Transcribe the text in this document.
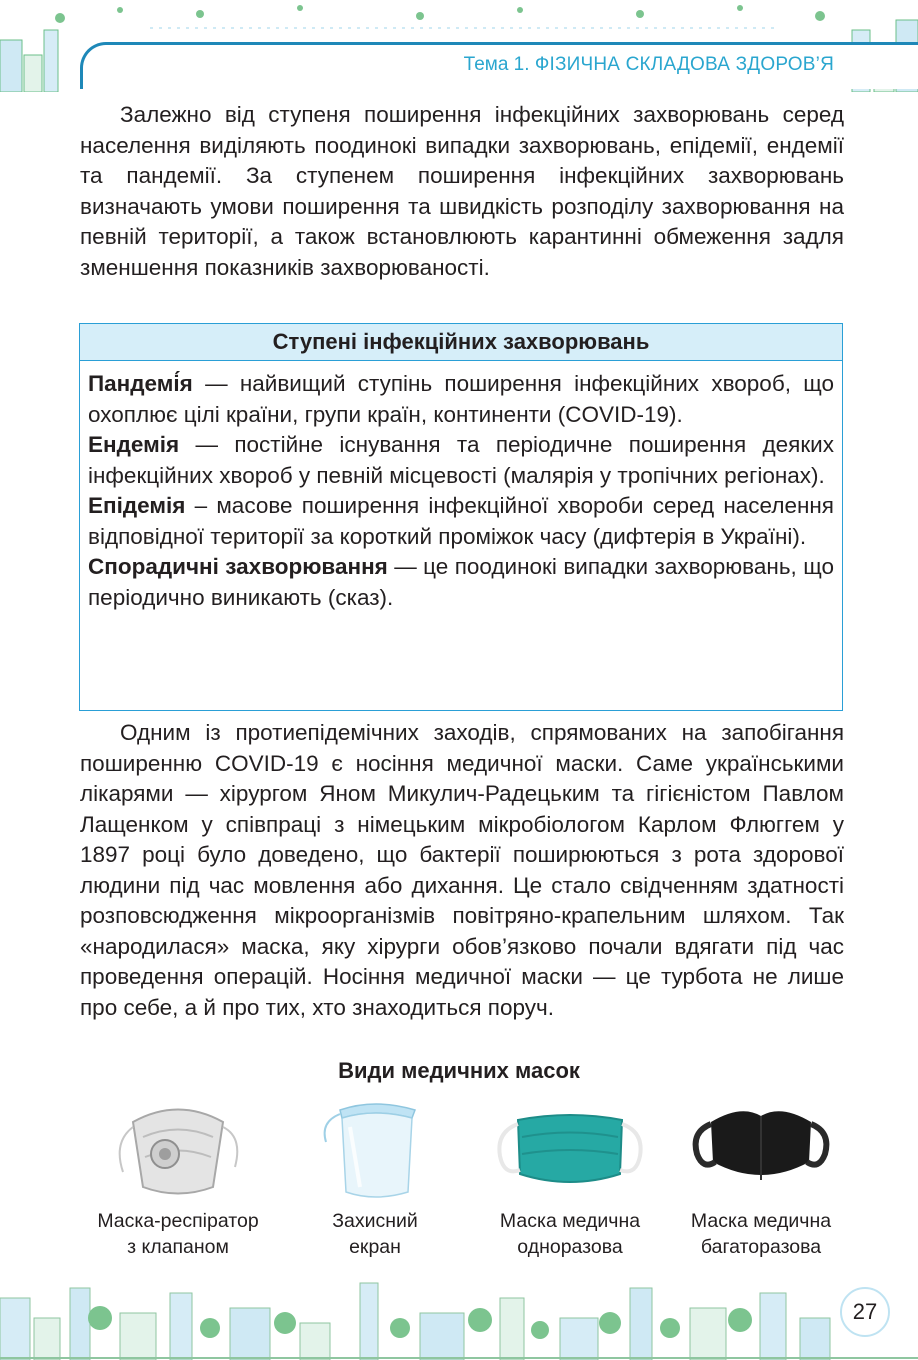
Тема 1. ФІЗИЧНА СКЛАДОВА ЗДОРОВ’Я

Залежно від ступеня поширення інфекційних захворювань серед населення виділяють поодинокі випадки захворювань, епідемії, ендемії та пандемії. За ступенем поширення інфекційних захворювань визначають умови поширення та швидкість розподілу захворювання на певній території, а також встановлюють карантинні обмеження задля зменшення показників захворюваності.

Ступені інфекційних захворювань

Пандемі́я — найвищий ступінь поширення інфекційних хвороб, що охоплює цілі країни, групи країн, континенти (COVID-19).

Ендемія — постійне існування та періодичне поширення деяких інфекційних хвороб у певній місцевості (малярія у тропічних регіонах).

Епідемія – масове поширення інфекційної хвороби серед населення відповідної території за короткий проміжок часу (дифтерія в Україні).

Спорадичні захворювання — це поодинокі випадки захворювань, що періодично виникають (сказ).

Одним із протиепідемічних заходів, спрямованих на запобігання поширенню COVID-19 є носіння медичної маски. Саме українськими лікарями — хірургом Яном Микулич-Радецьким та гігієністом Павлом Лащенком у співпраці з німецьким мікробіологом Карлом Флюггем у 1897 році було доведено, що бактерії поширюються з рота здорової людини під час мовлення або дихання. Це стало свідченням здатності розповсюдження мікроорганізмів повітряно-крапельним шляхом. Так «народилася» маска, яку хірурги обов’язково почали вдягати під час проведення операцій. Носіння медичної маски — це турбота не лише про себе, а й про тих, хто знаходиться поруч.

Види медичних масок
Маска-респіратор
з клапаном
Захисний
екран
Маска медична
одноразова
Маска медична
багаторазова
27
